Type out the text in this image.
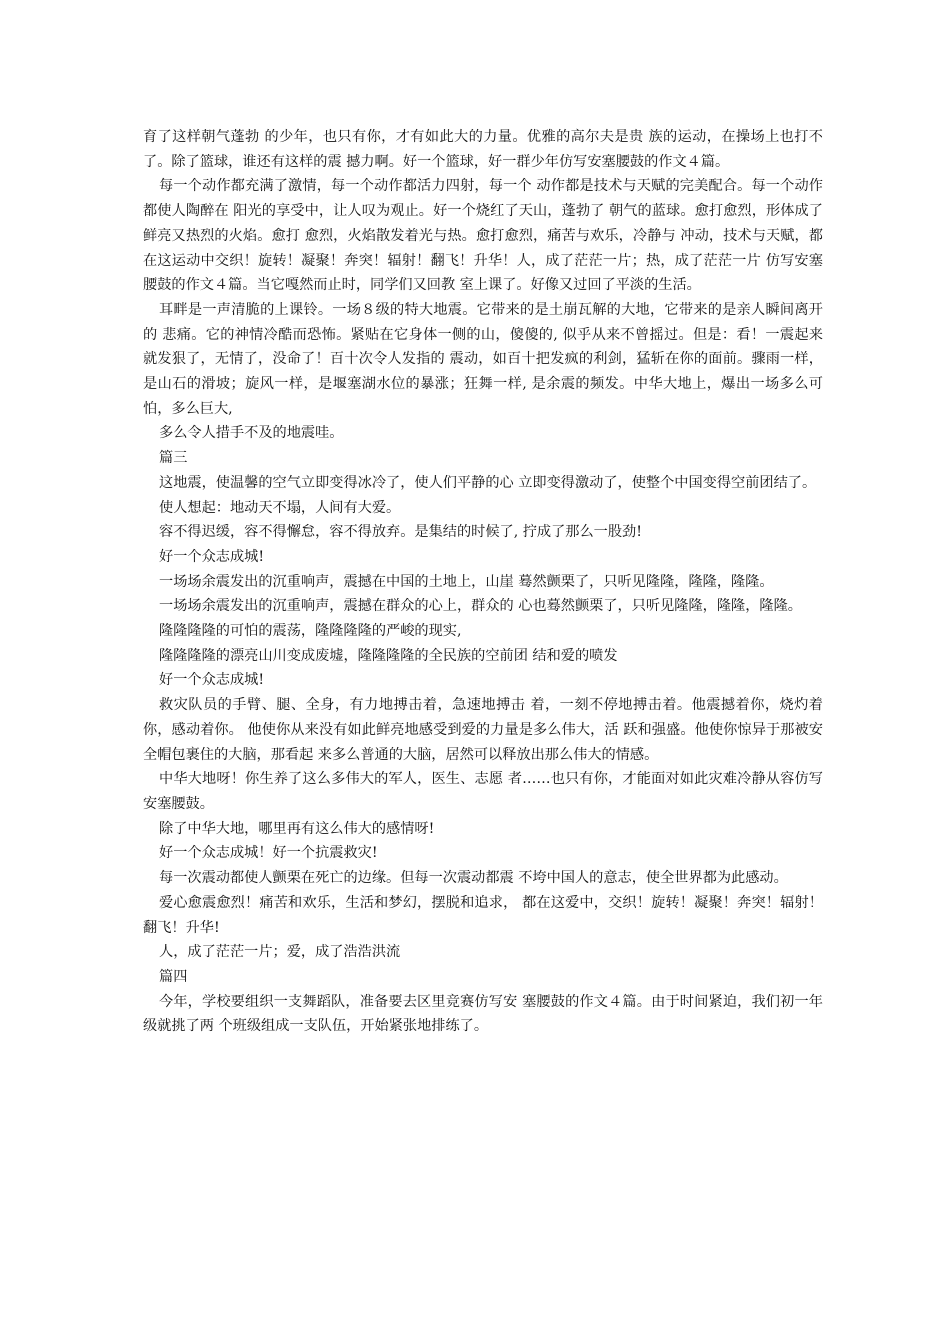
育了这样朝气蓬勃 的少年，也只有你，才有如此大的力量。优雅的高尔夫是贵 族的运动，在操场上也打不了。除了篮球，谁还有这样的震 撼力啊。好一个篮球，好一群少年仿写安塞腰鼓的作文４篇。

每一个动作都充满了激情，每一个动作都活力四射，每一个 动作都是技术与天赋的完美配合。每一个动作都使人陶醉在 阳光的享受中，让人叹为观止。好一个烧红了天山，蓬勃了 朝气的蓝球。愈打愈烈，形体成了鲜亮又热烈的火焰。愈打 愈烈，火焰散发着光与热。愈打愈烈，痛苦与欢乐，冷静与 冲动，技术与天赋，都在这运动中交织！旋转！凝聚！奔突！辐射！翻飞！升华！人，成了茫茫一片；热，成了茫茫一片 仿写安塞腰鼓的作文４篇。当它嘎然而止时，同学们又回教 室上课了。好像又过回了平淡的生活。

耳畔是一声清脆的上课铃。一场８级的特大地震。它带来的是土崩瓦解的大地，它带来的是亲人瞬间离开的 悲痛。它的神情冷酷而恐怖。紧贴在它身体一侧的山，傻傻的, 似乎从来不曾摇过。但是：看！一震起来就发狠了，无情了，没命了！百十次令人发指的 震动，如百十把发疯的利剑，猛斩在你的面前。骤雨一样， 是山石的滑坡；旋风一样，是堰塞湖水位的暴涨；狂舞一样, 是余震的频发。中华大地上，爆出一场多么可怕，多么巨大,

多么令人措手不及的地震哇。

篇三

这地震，使温馨的空气立即变得冰冷了，使人们平静的心 立即变得激动了，使整个中国变得空前团结了。

使人想起：地动天不塌，人间有大爱。

容不得迟缓，容不得懈怠，容不得放弃。是集结的时候了, 拧成了那么一股劲!

好一个众志成城!

一场场余震发出的沉重响声，震撼在中国的土地上，山崖 蓦然颤栗了，只听见隆隆，隆隆，隆隆。

一场场余震发出的沉重响声，震撼在群众的心上，群众的 心也蓦然颤栗了，只听见隆隆，隆隆，隆隆。

隆隆隆隆的可怕的震荡，隆隆隆隆的严峻的现实,

隆隆隆隆的漂亮山川变成废墟，隆隆隆隆的全民族的空前团 结和爱的喷发

好一个众志成城!

救灾队员的手臂、腿、全身，有力地搏击着，急速地搏击 着，一刻不停地搏击着。他震撼着你，烧灼着你，感动着你。 他使你从来没有如此鲜亮地感受到爱的力量是多么伟大，活 跃和强盛。他使你惊异于那被安全帽包裹住的大脑，那看起 来多么普通的大脑，居然可以释放出那么伟大的情感。

中华大地呀！你生养了这么多伟大的军人，医生、志愿 者……也只有你，才能面对如此灾难冷静从容仿写安塞腰鼓。

除了中华大地，哪里再有这么伟大的感情呀!

好一个众志成城！好一个抗震救灾!

每一次震动都使人颤栗在死亡的边缘。但每一次震动都震 不垮中国人的意志，使全世界都为此感动。

爱心愈震愈烈！痛苦和欢乐，生活和梦幻，摆脱和追求， 都在这爱中，交织！旋转！凝聚！奔突！辐射！翻飞！升华!

人，成了茫茫一片；爱，成了浩浩洪流

篇四

今年，学校要组织一支舞蹈队，准备要去区里竞赛仿写安 塞腰鼓的作文４篇。由于时间紧迫，我们初一年级就挑了两 个班级组成一支队伍，开始紧张地排练了。
